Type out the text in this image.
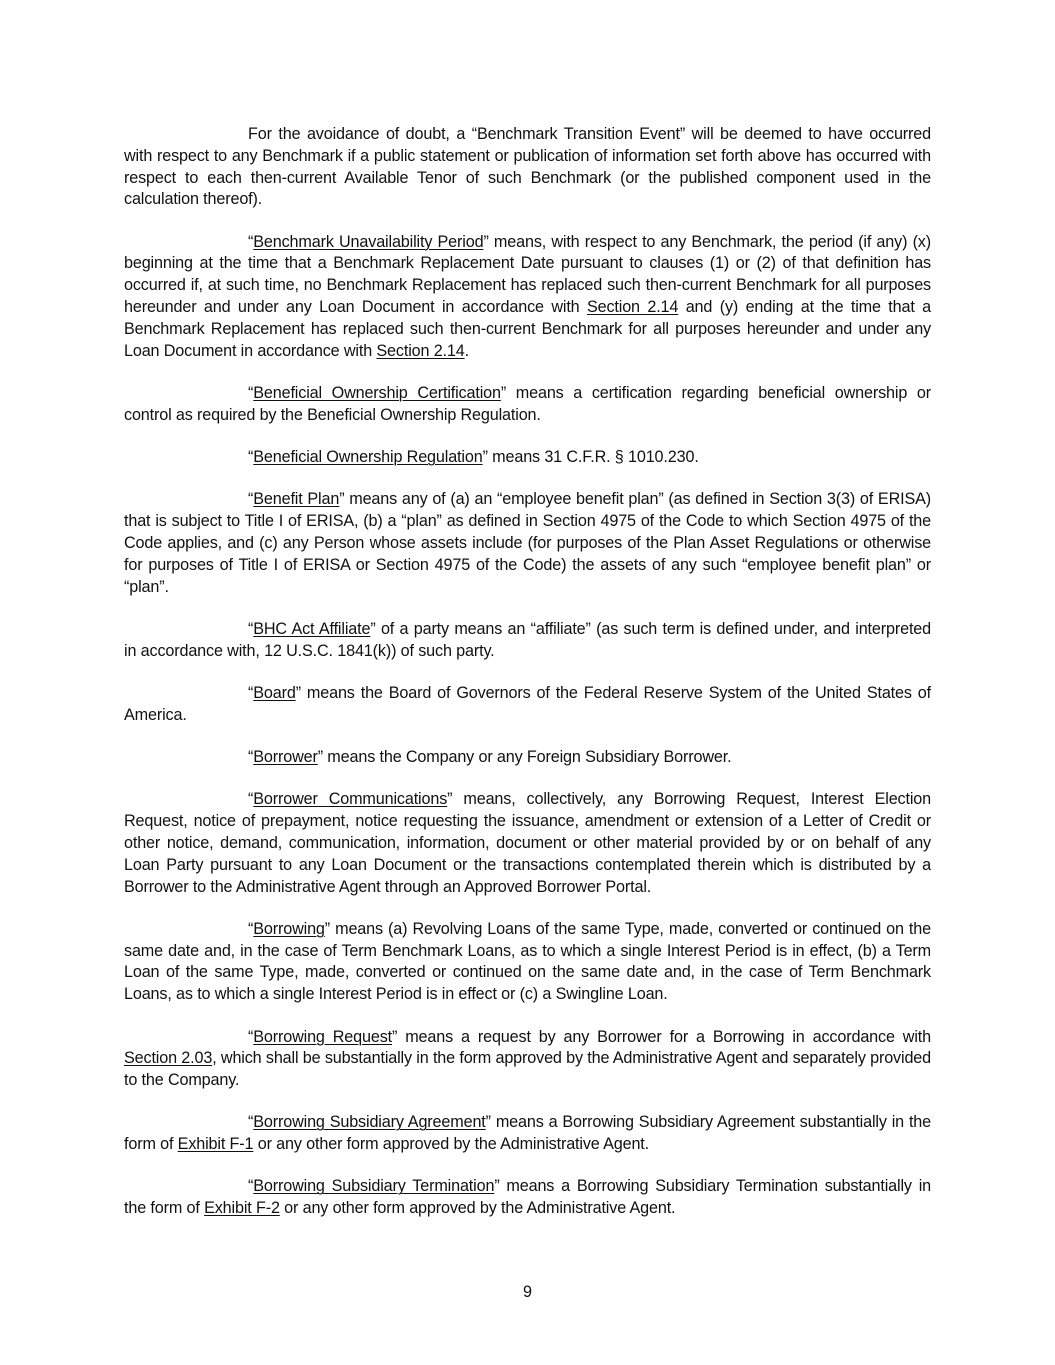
For the avoidance of doubt, a “Benchmark Transition Event” will be deemed to have occurred with respect to any Benchmark if a public statement or publication of information set forth above has occurred with respect to each then-current Available Tenor of such Benchmark (or the published component used in the calculation thereof).

“Benchmark Unavailability Period” means, with respect to any Benchmark, the period (if any) (x) beginning at the time that a Benchmark Replacement Date pursuant to clauses (1) or (2) of that definition has occurred if, at such time, no Benchmark Replacement has replaced such then-current Benchmark for all purposes hereunder and under any Loan Document in accordance with Section 2.14 and (y) ending at the time that a Benchmark Replacement has replaced such then-current Benchmark for all purposes hereunder and under any Loan Document in accordance with Section 2.14.

“Beneficial Ownership Certification” means a certification regarding beneficial ownership or control as required by the Beneficial Ownership Regulation.

“Beneficial Ownership Regulation” means 31 C.F.R. § 1010.230.

“Benefit Plan” means any of (a) an “employee benefit plan” (as defined in Section 3(3) of ERISA) that is subject to Title I of ERISA, (b) a “plan” as defined in Section 4975 of the Code to which Section 4975 of the Code applies, and (c) any Person whose assets include (for purposes of the Plan Asset Regulations or otherwise for purposes of Title I of ERISA or Section 4975 of the Code) the assets of any such “employee benefit plan” or “plan”.

“BHC Act Affiliate” of a party means an “affiliate” (as such term is defined under, and interpreted in accordance with, 12 U.S.C. 1841(k)) of such party.

“Board” means the Board of Governors of the Federal Reserve System of the United States of America.

“Borrower” means the Company or any Foreign Subsidiary Borrower.

“Borrower Communications” means, collectively, any Borrowing Request, Interest Election Request, notice of prepayment, notice requesting the issuance, amendment or extension of a Letter of Credit or other notice, demand, communication, information, document or other material provided by or on behalf of any Loan Party pursuant to any Loan Document or the transactions contemplated therein which is distributed by a Borrower to the Administrative Agent through an Approved Borrower Portal.

“Borrowing” means (a) Revolving Loans of the same Type, made, converted or continued on the same date and, in the case of Term Benchmark Loans, as to which a single Interest Period is in effect, (b) a Term Loan of the same Type, made, converted or continued on the same date and, in the case of Term Benchmark Loans, as to which a single Interest Period is in effect or (c) a Swingline Loan.

“Borrowing Request” means a request by any Borrower for a Borrowing in accordance with Section 2.03, which shall be substantially in the form approved by the Administrative Agent and separately provided to the Company.

“Borrowing Subsidiary Agreement” means a Borrowing Subsidiary Agreement substantially in the form of Exhibit F-1 or any other form approved by the Administrative Agent.

“Borrowing Subsidiary Termination” means a Borrowing Subsidiary Termination substantially in the form of Exhibit F-2 or any other form approved by the Administrative Agent.

9
